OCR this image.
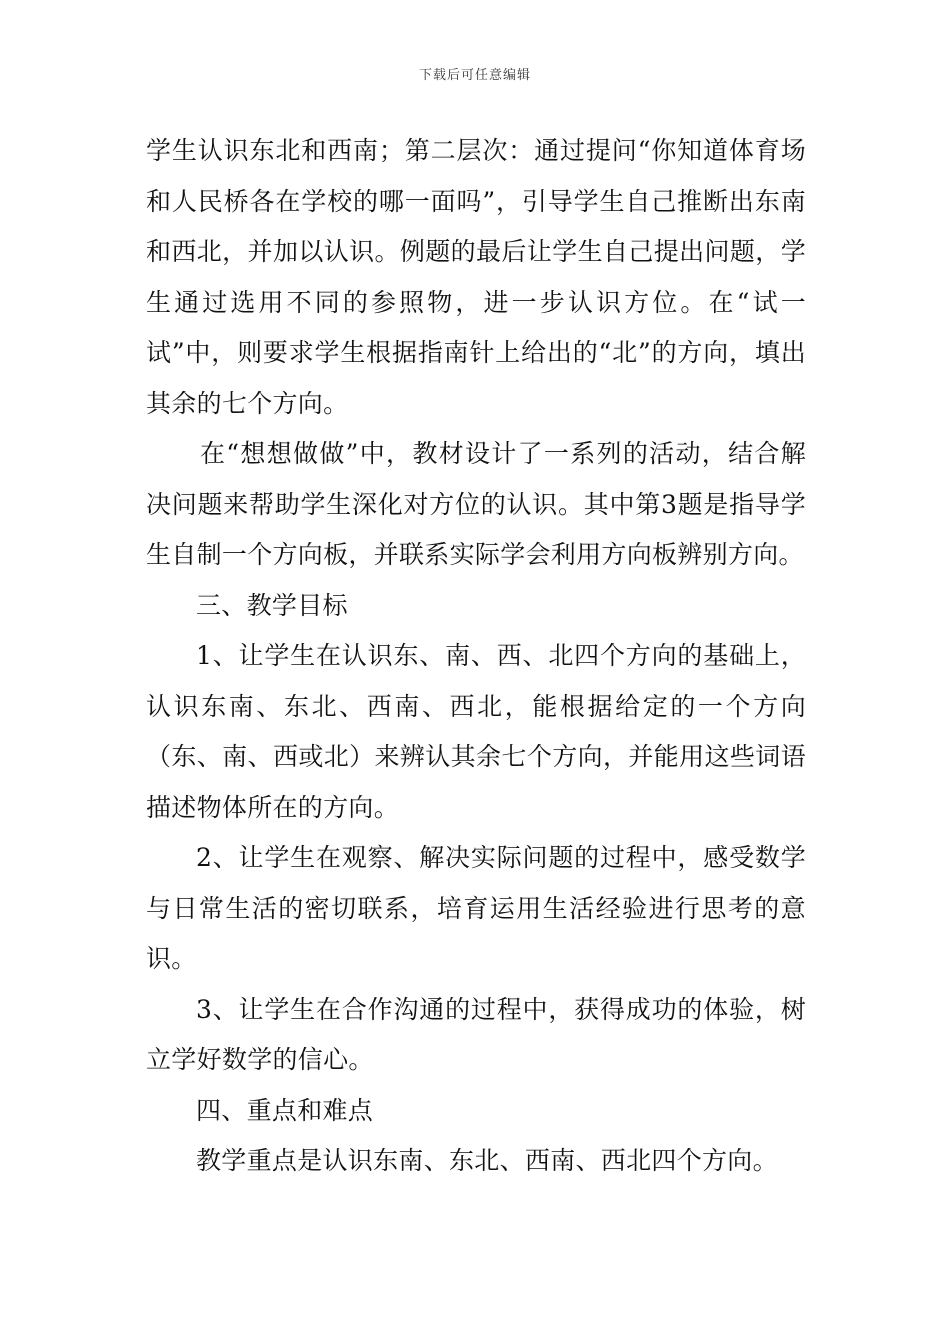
下载后可任意编辑

学生认识东北和西南；第二层次：通过提问“你知道体育场和人民桥各在学校的哪一面吗”，引导学生自己推断出东南和西北，并加以认识。例题的最后让学生自己提出问题，学生通过选用不同的参照物，进一步认识方位。在“试一试”中，则要求学生根据指南针上给出的“北”的方向，填出其余的七个方向。

在“想想做做”中，教材设计了一系列的活动，结合解决问题来帮助学生深化对方位的认识。其中第3题是指导学生自制一个方向板，并联系实际学会利用方向板辨别方向。

三、教学目标

1、让学生在认识东、南、西、北四个方向的基础上，认识东南、东北、西南、西北，能根据给定的一个方向（东、南、西或北）来辨认其余七个方向，并能用这些词语描述物体所在的方向。

2、让学生在观察、解决实际问题的过程中，感受数学与日常生活的密切联系，培育运用生活经验进行思考的意识。

3、让学生在合作沟通的过程中，获得成功的体验，树立学好数学的信心。

四、重点和难点

教学重点是认识东南、东北、西南、西北四个方向。
